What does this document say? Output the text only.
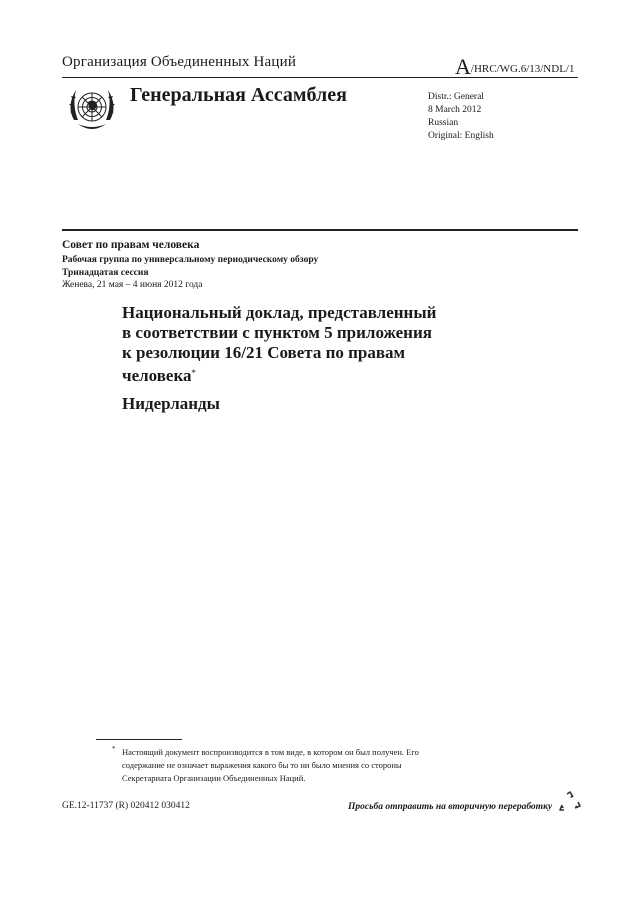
Организация Объединенных Наций	A/HRC/WG.6/13/NDL/1
Генеральная Ассамблея	Distr.: General
8 March 2012
Russian
Original: English
Совет по правам человека
Рабочая группа по универсальному периодическому обзору
Тринадцатая сессия
Женева, 21 мая – 4 июня 2012 года
Национальный доклад, представленный
в соответствии с пунктом 5 приложения
к резолюции 16/21 Совета по правам
человека*
Нидерланды
* Настоящий документ воспроизводится в том виде, в котором он был получен. Его
содержание не означает выражения какого бы то ни было мнения со стороны
Секретариата Организации Объединенных Наций.
GE.12-11737 (R) 020412 030412	Просьба отправить на вторичную переработку
